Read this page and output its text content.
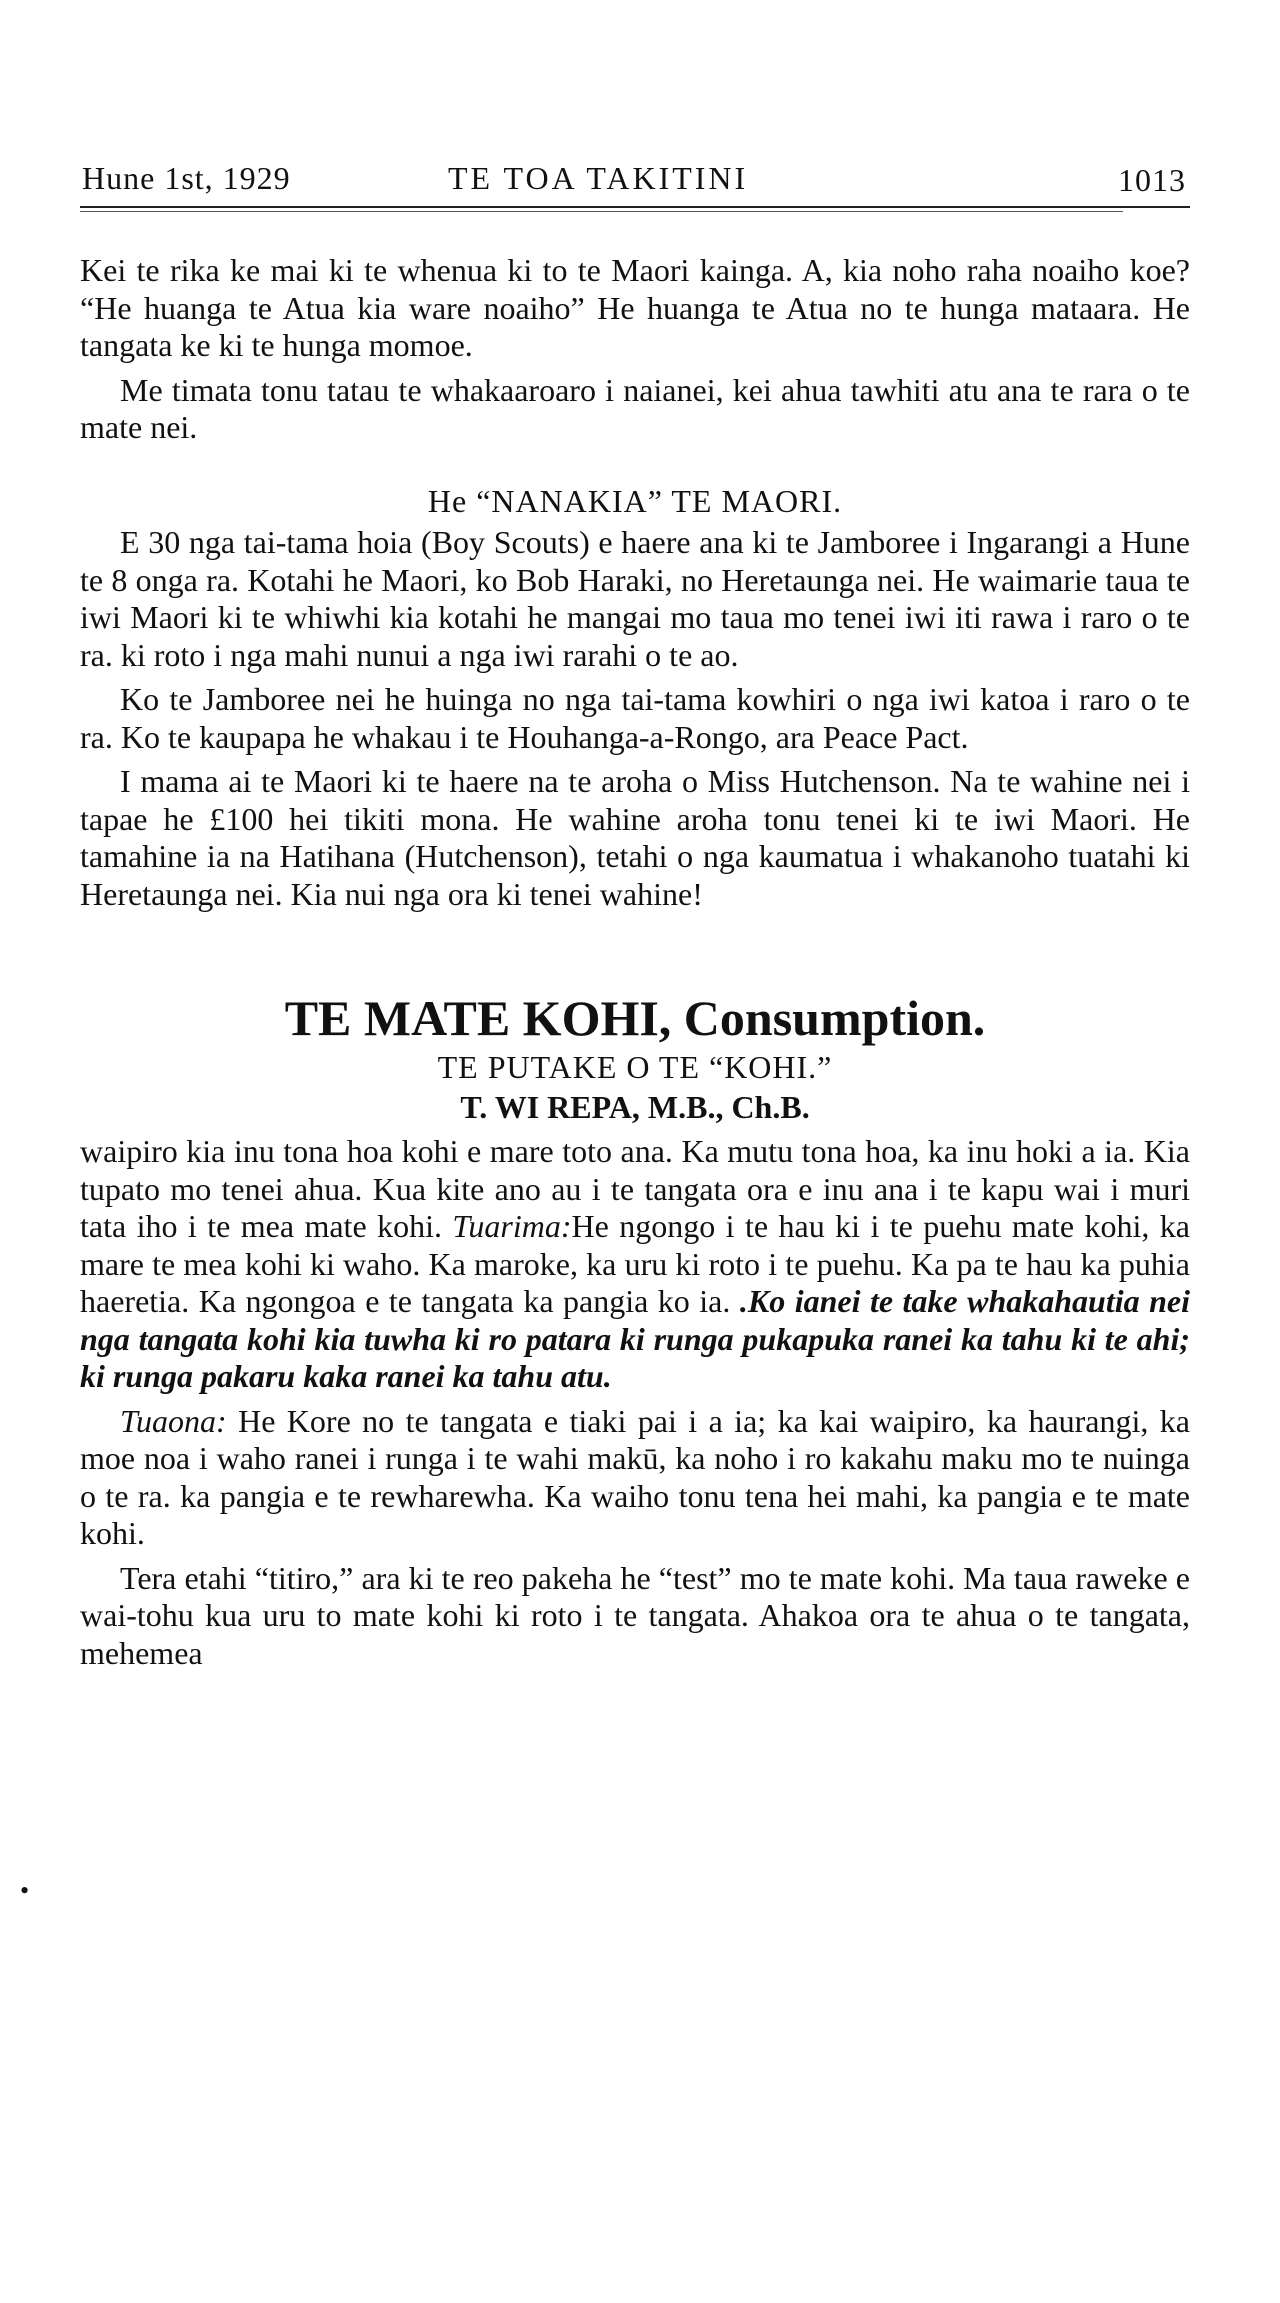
Hune 1st, 1929	TE TOA TAKITINI	1013

Kei te rika ke mai ki te whenua ki to te Maori kainga. A, kia noho raha noaiho koe? “He huanga te Atua kia ware noaiho” He huanga te Atua no te hunga mataara. He tangata ke ki te hunga momoe.

Me timata tonu tatau te whakaaroaro i naianei, kei ahua tawhiti atu ana te rara o te mate nei.

He “NANAKIA” TE MAORI.

E 30 nga tai-tama hoia (Boy Scouts) e haere ana ki te Jamboree i Ingarangi a Hune te 8 onga ra. Kotahi he Maori, ko Bob Haraki, no Heretaunga nei. He waimarie taua te iwi Maori ki te whiwhi kia kotahi he mangai mo taua mo tenei iwi iti rawa i raro o te ra. ki roto i nga mahi nunui a nga iwi rarahi o te ao.

Ko te Jamboree nei he huinga no nga tai-tama kowhiri o nga iwi katoa i raro o te ra. Ko te kaupapa he whakau i te Houhanga-a-Rongo, ara Peace Pact.

I mama ai te Maori ki te haere na te aroha o Miss Hutchenson. Na te wahine nei i tapae he £100 hei tikiti mona. He wahine aroha tonu tenei ki te iwi Maori. He tamahine ia na Hatihana (Hutchenson), tetahi o nga kaumatua i whakanoho tuatahi ki Heretaunga nei. Kia nui nga ora ki tenei wahine!

TE MATE KOHI, Consumption.
TE PUTAKE O TE “KOHI.”
T. WI REPA, M.B., Ch.B.

waipiro kia inu tona hoa kohi e mare toto ana. Ka mutu tona hoa, ka inu hoki a ia. Kia tupato mo tenei ahua. Kua kite ano au i te tangata ora e inu ana i te kapu wai i muri tata iho i te mea mate kohi. Tuarima:He ngongo i te hau ki i te puehu mate kohi, ka mare te mea kohi ki waho. Ka maroke, ka uru ki roto i te puehu. Ka pa te hau ka puhia haeretia. Ka ngongoa e te tangata ka pangia ko ia. .Ko ianei te take whakahautia nei nga tangata kohi kia tuwha ki ro patara ki runga pukapuka ranei ka tahu ki te ahi; ki runga pakaru kaka ranei ka tahu atu.

Tuaona: He Kore no te tangata e tiaki pai i a ia; ka kai waipiro, ka haurangi, ka moe noa i waho ranei i runga i te wahi makū, ka noho i ro kakahu maku mo te nuinga o te ra. ka pangia e te rewharewha. Ka waiho tonu tena hei mahi, ka pangia e te mate kohi.

Tera etahi “titiro,” ara ki te reo pakeha he “test” mo te mate kohi. Ma taua raweke e wai-tohu kua uru to mate kohi ki roto i te tangata. Ahakoa ora te ahua o te tangata, mehemea

•
